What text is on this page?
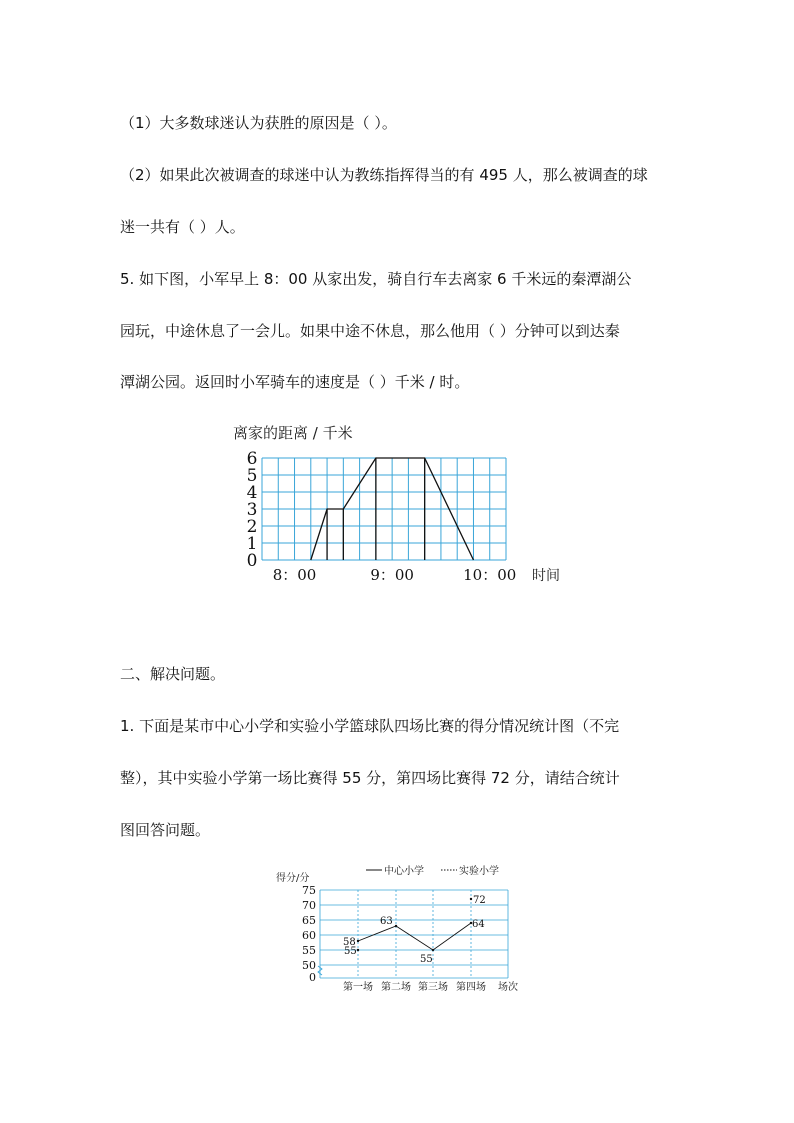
（1）大多数球迷认为获胜的原因是（ ）。
（2）如果此次被调查的球迷中认为教练指挥得当的有 495 人，那么被调查的球
迷一共有（ ）人。
5. 如下图，小军早上 8：00 从家出发，骑自行车去离家 6 千米远的秦潭湖公
园玩，中途休息了一会儿。如果中途不休息，那么他用（ ）分钟可以到达秦
潭湖公园。返回时小军骑车的速度是（ ）千米 / 时。
离家的距离 / 千米
0
1
2
3
4
5
6
8：00	9：00	10：00 时间
二、解决问题。
1. 下面是某市中心小学和实验小学篮球队四场比赛的得分情况统计图（不完
整），其中实验小学第一场比赛得 55 分，第四场比赛得 72 分，请结合统计
图回答问题。
得分/分
中心小学	实验小学
0
50
55
60
65
70
75
第一场 第二场 第三场 第四场
58
63
55
64
55
72
场次
